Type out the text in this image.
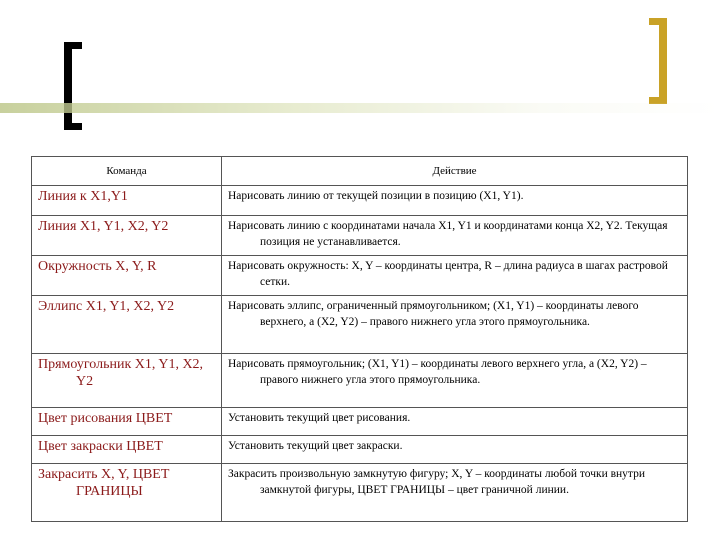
Команда	Действие
Линия к X1,Y1	Нарисовать линию от текущей позиции в позицию (X1, Y1).

Линия X1, Y1, X2, Y2	Нарисовать линию с координатами начала X1, Y1 и координатами конца X2, Y2. Текущая позиция не устанавливается.

Окружность X, Y, R	Нарисовать окружность: X, Y – координаты центра, R – длина радиуса в шагах растровой сетки.

Эллипс X1, Y1, X2, Y2	Нарисовать эллипс, ограниченный прямоугольником; (X1, Y1) – координаты левого верхнего, а (X2, Y2) – правого нижнего угла этого прямоугольника.

Прямоугольник X1, Y1, X2, Y2	Нарисовать прямоугольник; (X1, Y1) – координаты левого верхнего угла, а (X2, Y2) – правого нижнего угла этого прямоугольника.

Цвет рисования ЦВЕТ	Установить текущий цвет рисования.

Цвет закраски ЦВЕТ	Установить текущий цвет закраски.

Закрасить X, Y, ЦВЕТ ГРАНИЦЫ	Закрасить произвольную замкнутую фигуру; X, Y – координаты любой точки внутри замкнутой фигуры, ЦВЕТ ГРАНИЦЫ – цвет граничной линии.
